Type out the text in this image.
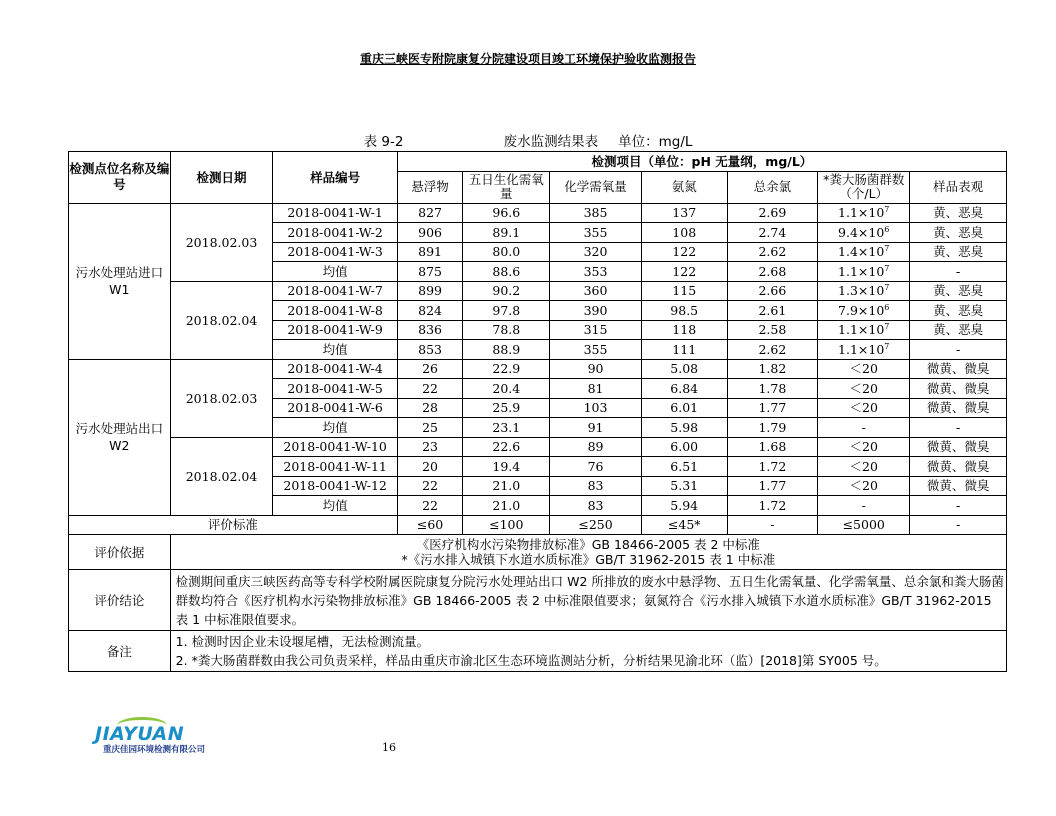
重庆三峡医专附院康复分院建设项目竣工环境保护验收监测报告
表 9-2	废水监测结果表 单位：mg/L
检测点位名称及编号	检测日期	样品编号	检测项目（单位：pH 无量纲，mg/L）						
			悬浮物	五日生化需氧量	化学需氧量	氨氮	总余氯	*粪大肠菌群数（个/L）	样品表观
污水处理站进口 W1	2018.02.03	2018-0041-W-1	827	96.6	385	137	2.69	$1.1\times 10^7$	黄、恶臭
		2018-0041-W-2	906	89.1	355	108	2.74	$9.4\times 10^6$	黄、恶臭
		2018-0041-W-3	891	80.0	320	122	2.62	$1.4\times 10^7$	黄、恶臭
		均值	875	88.6	353	122	2.68	$1.1\times 10^7$	-
	2018.02.04	2018-0041-W-7	899	90.2	360	115	2.66	$1.3\times 10^7$	黄、恶臭
		2018-0041-W-8	824	97.8	390	98.5	2.61	$7.9\times 10^6$	黄、恶臭
		2018-0041-W-9	836	78.8	315	118	2.58	$1.1\times 10^7$	黄、恶臭
		均值	853	88.9	355	111	2.62	$1.1\times 10^7$	-
污水处理站出口 W2	2018.02.03	2018-0041-W-4	26	22.9	90	5.08	1.82	＜20	微黄、微臭
		2018-0041-W-5	22	20.4	81	6.84	1.78	＜20	微黄、微臭
		2018-0041-W-6	28	25.9	103	6.01	1.77	＜20	微黄、微臭
		均值	25	23.1	91	5.98	1.79	-	-
	2018.02.04	2018-0041-W-10	23	22.6	89	6.00	1.68	＜20	微黄、微臭
		2018-0041-W-11	20	19.4	76	6.51	1.72	＜20	微黄、微臭
		2018-0041-W-12	22	21.0	83	5.31	1.77	＜20	微黄、微臭
		均值	22	21.0	83	5.94	1.72	-	-
评价标准			≤60	≤100	≤250	≤45*	-	≤5000	-
评价依据	《医疗机构水污染物排放标准》GB 18466-2005 表 2 中标准
*《污水排入城镇下水道水质标准》GB/T 31962-2015 表 1 中标准								

评价结论	检测期间重庆三峡医药高等专科学校附属医院康复分院污水处理站出口 W2 所排放的废水中悬浮物、五日生化需氧量、化学需氧量、总余氯和粪大肠菌群数均符合《医疗机构水污染物排放标准》GB 18466-2005 表 2 中标准限值要求；氨氮符合《污水排入城镇下水道水质标准》GB/T 31962-2015 表 1 中标准限值要求。								
备注	1. 检测时因企业未设堰尾槽，无法检测流量。
2. *粪大肠菌群数由我公司负责采样，样品由重庆市渝北区生态环境监测站分析，分析结果见渝北环（监）[2018]第 SY005 号。								
JIAYUAN
重庆佳园环境检测有限公司	16
